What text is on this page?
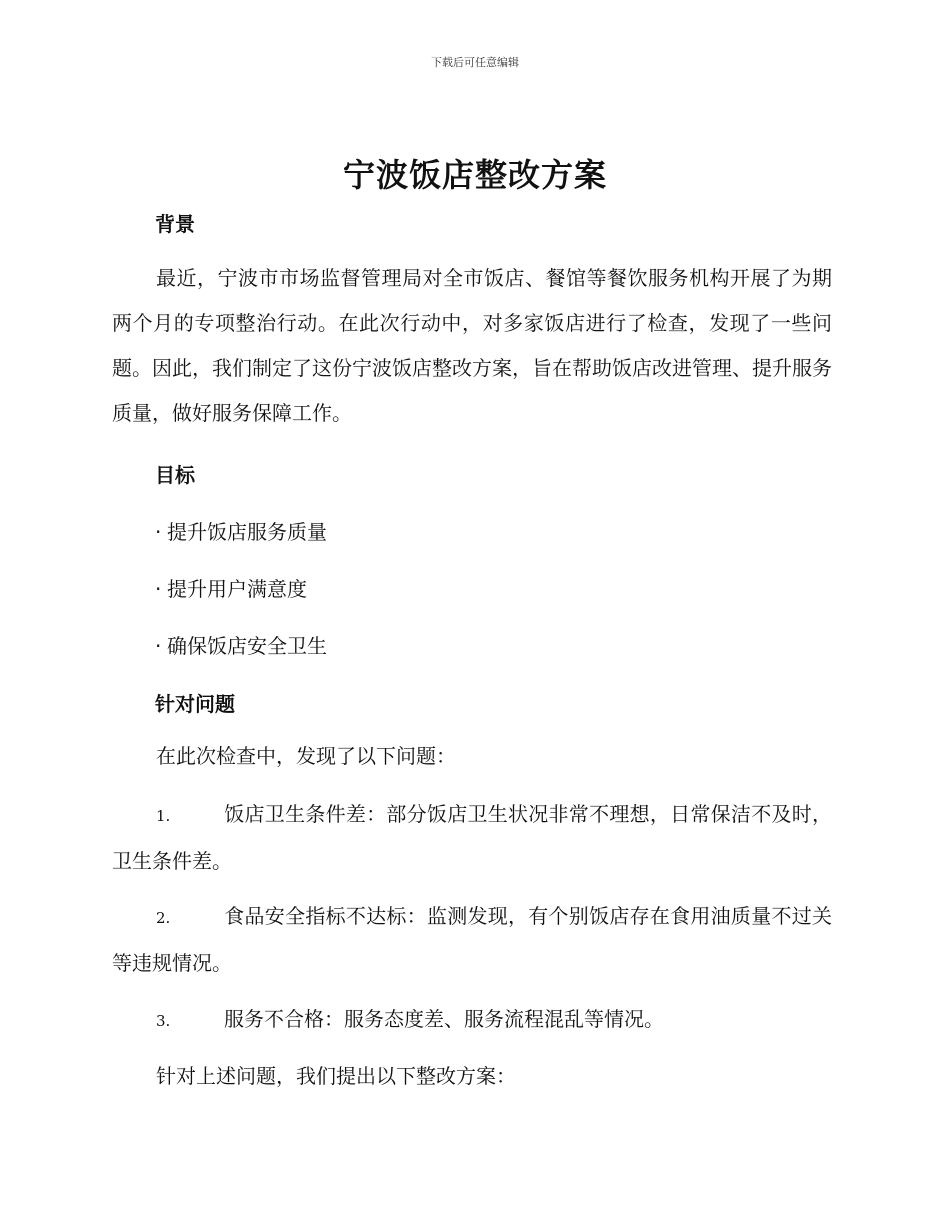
下载后可任意编辑
宁波饭店整改方案
背景

最近，宁波市市场监督管理局对全市饭店、餐馆等餐饮服务机构开展了为期两个月的专项整治行动。在此次行动中，对多家饭店进行了检查，发现了一些问题。因此，我们制定了这份宁波饭店整改方案，旨在帮助饭店改进管理、提升服务质量，做好服务保障工作。

目标
· 提升饭店服务质量
· 提升用户满意度
· 确保饭店安全卫生
针对问题

在此次检查中，发现了以下问题：

1.	饭店卫生条件差：部分饭店卫生状况非常不理想，日常保洁不及时，卫生条件差。

2.	食品安全指标不达标：监测发现，有个别饭店存在食用油质量不过关等违规情况。

3.	服务不合格：服务态度差、服务流程混乱等情况。

针对上述问题，我们提出以下整改方案：
